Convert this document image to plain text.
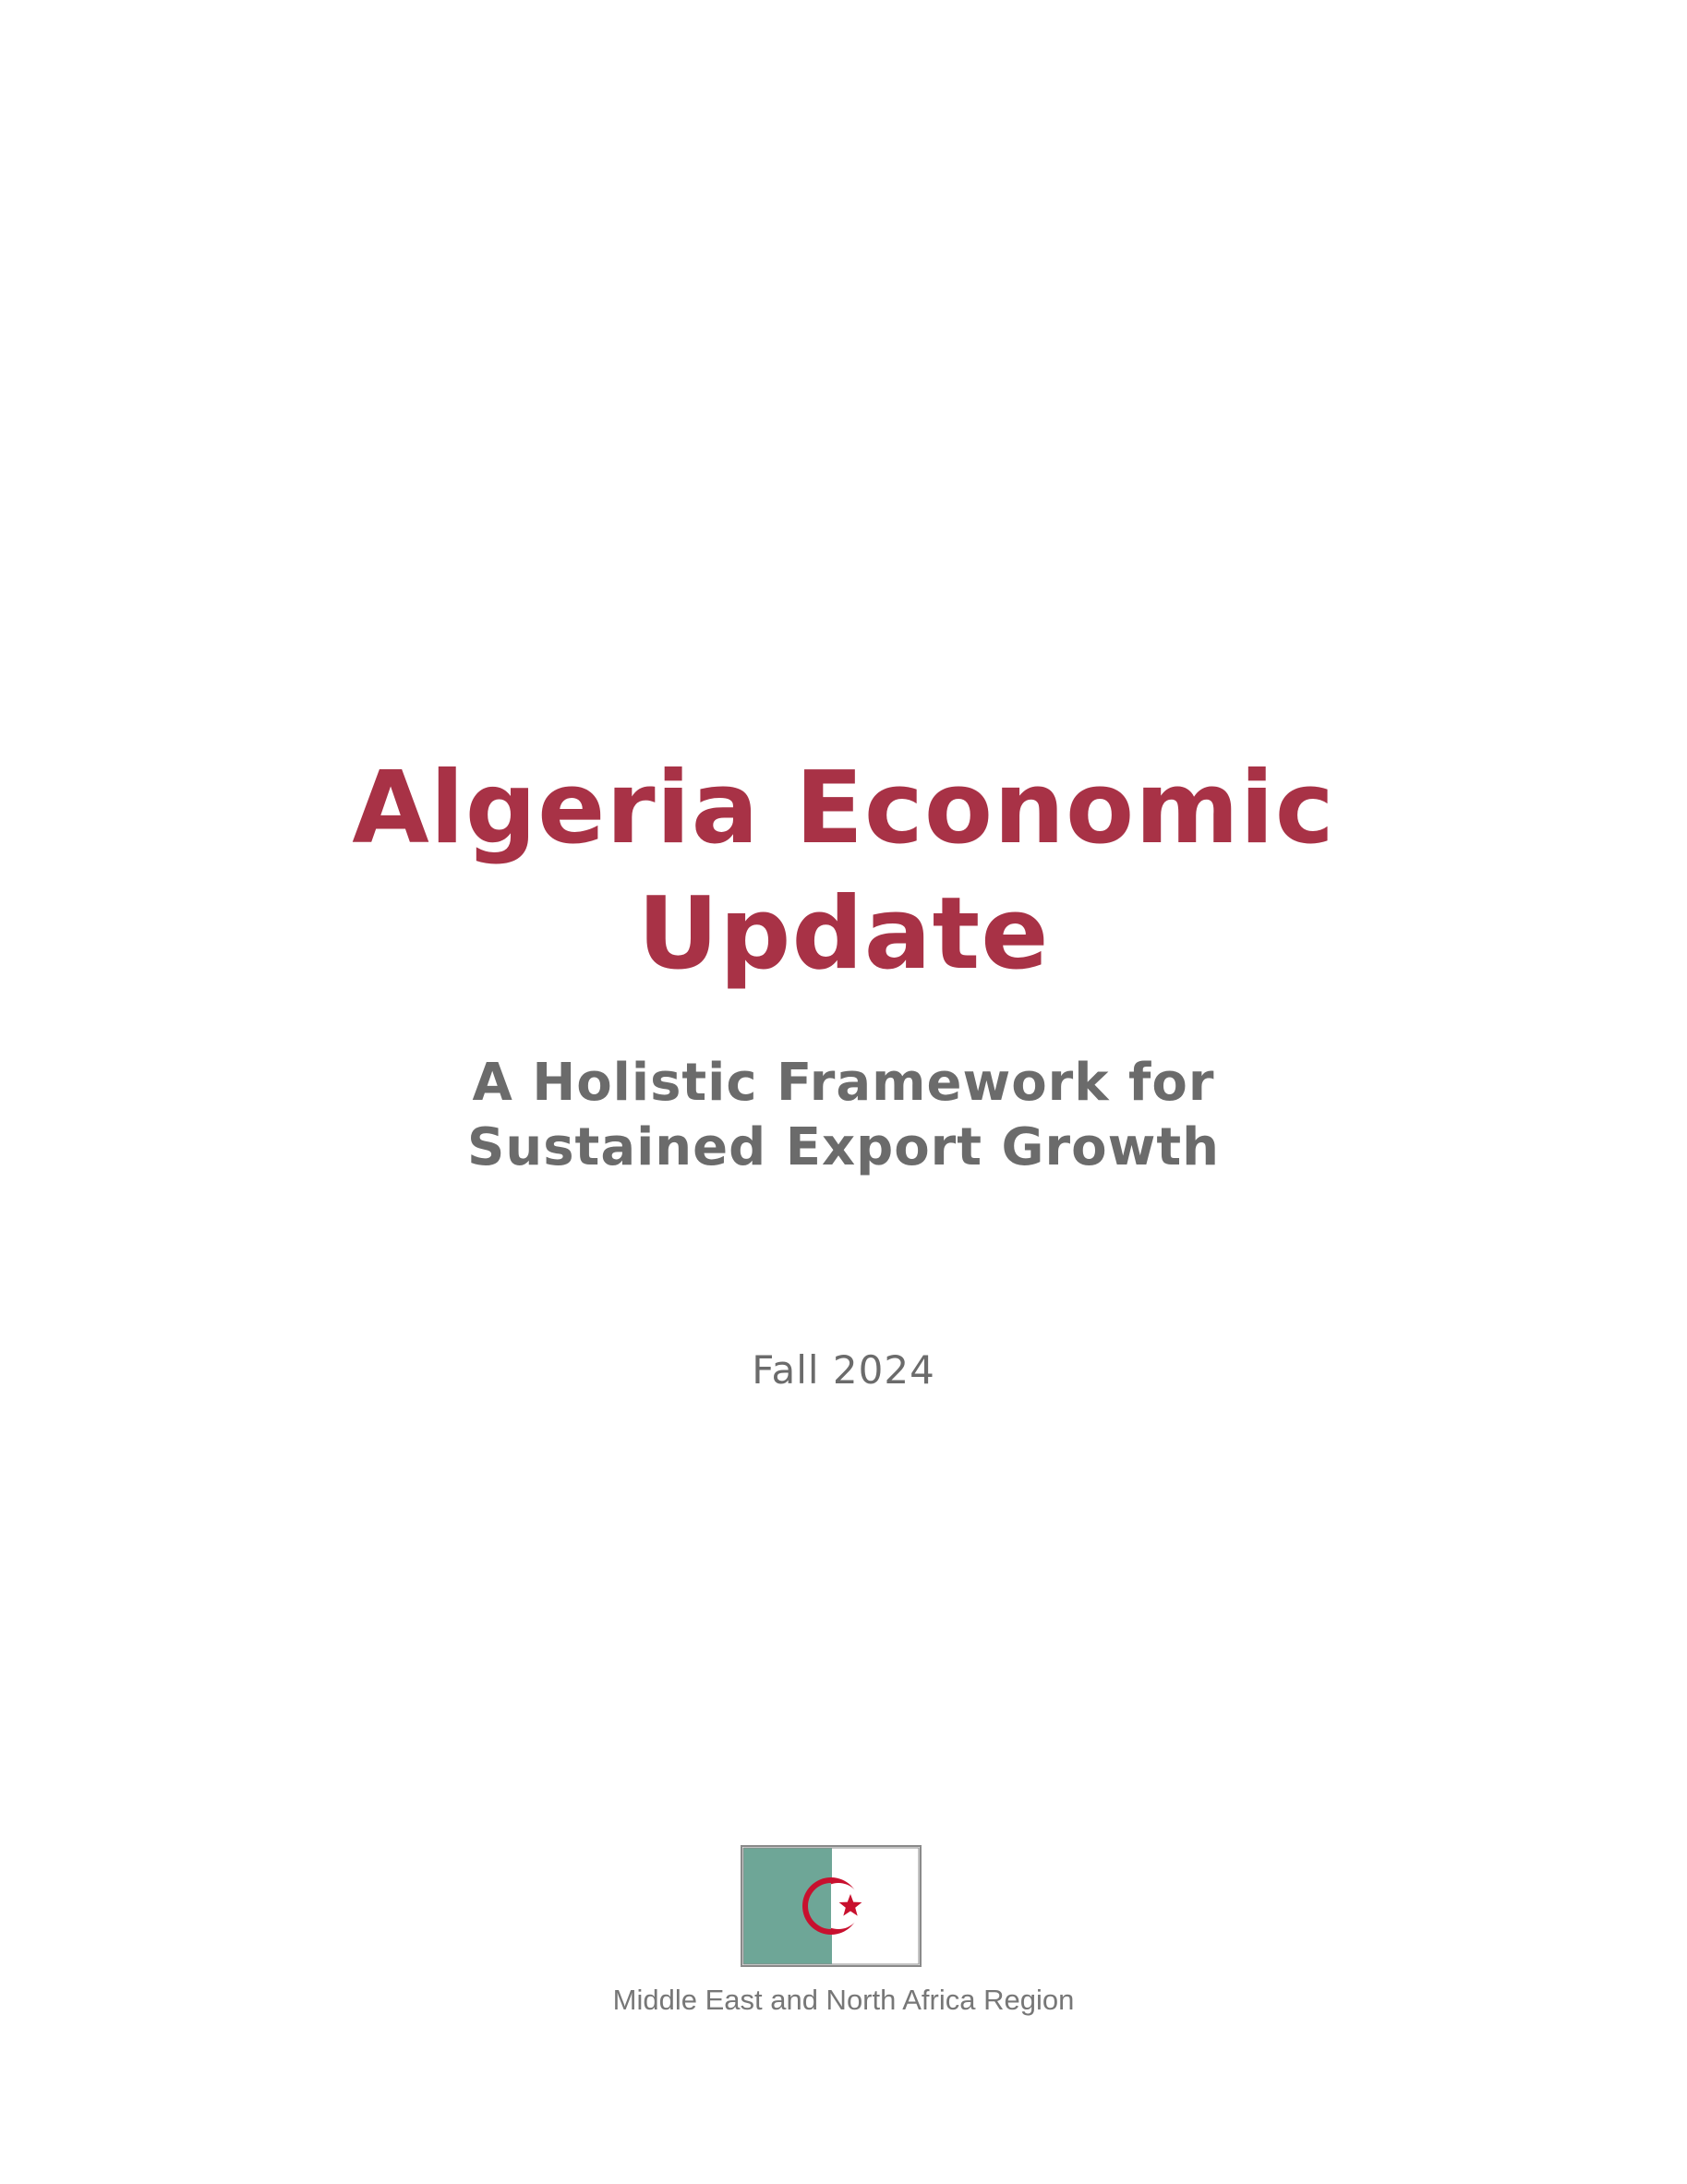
Algeria Economic
Update
A Holistic Framework for
Sustained Export Growth

Fall 2024

Middle East and North Africa Region
